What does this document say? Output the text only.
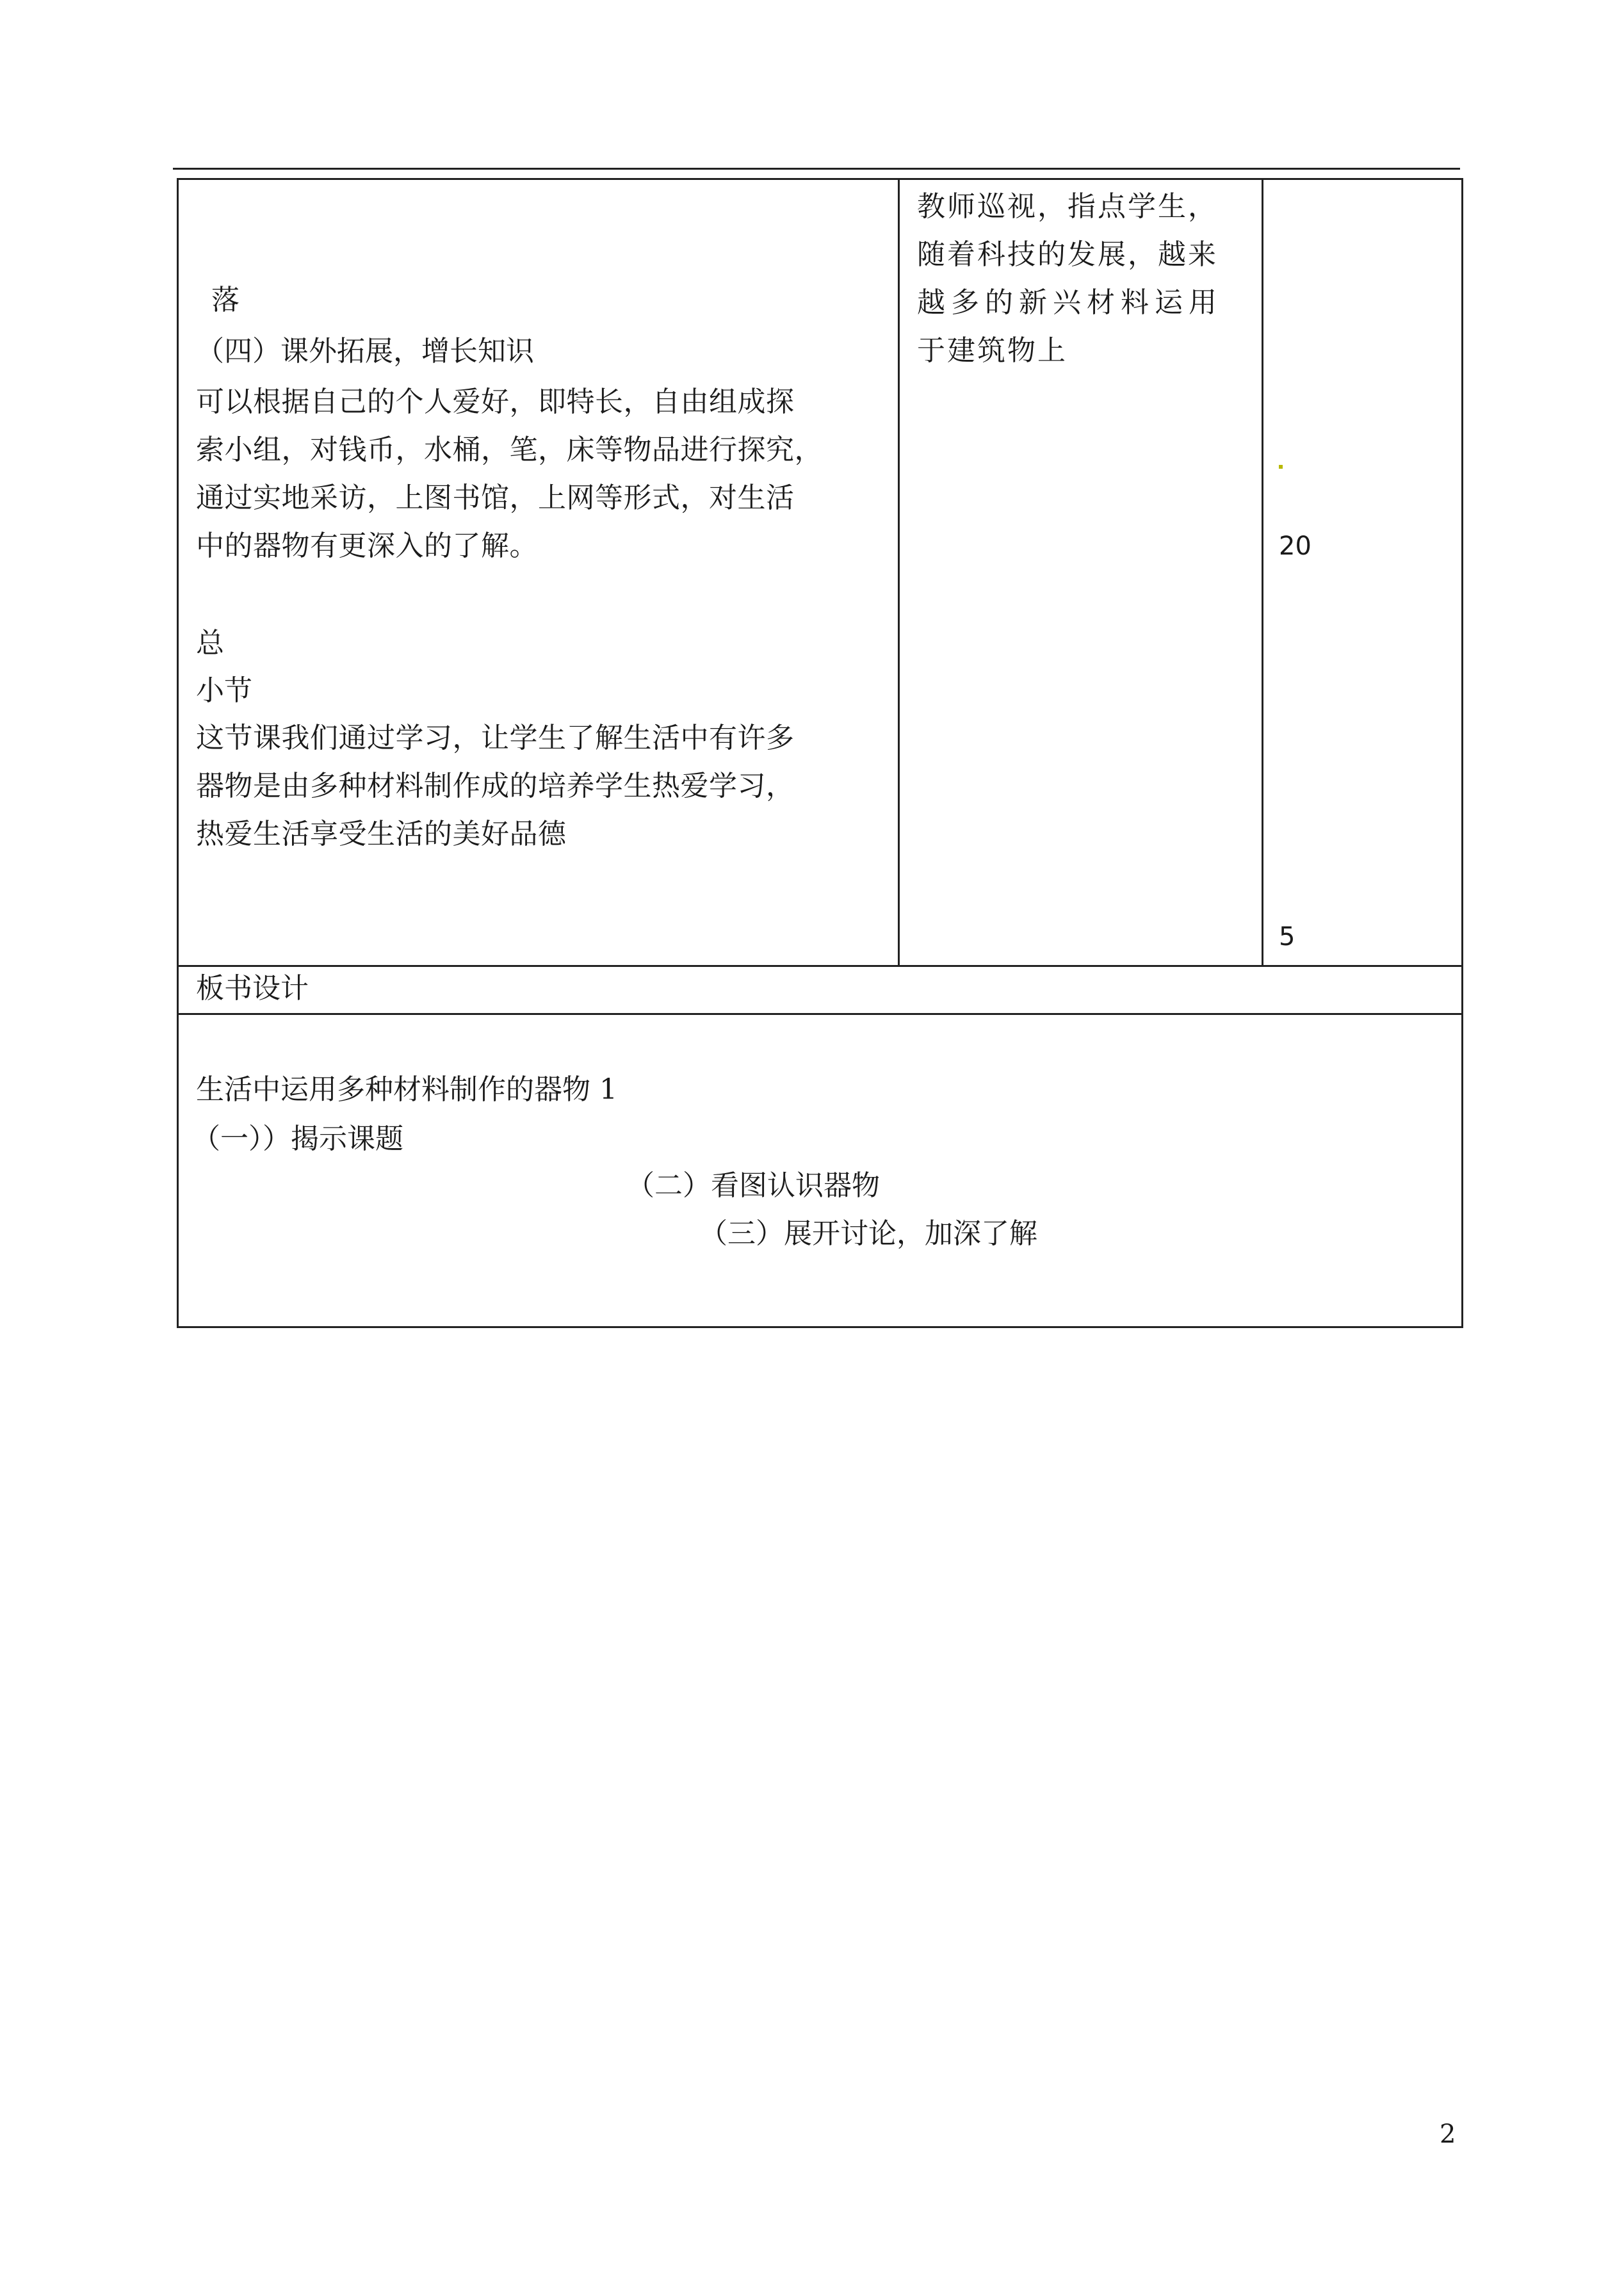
落
（四）课外拓展，增长知识
可以根据自己的个人爱好，即特长，自由组成探
索小组，对钱币，水桶，笔，床等物品进行探究，
通过实地采访，上图书馆，上网等形式，对生活
中的器物有更深入的了解。
总
小节
这节课我们通过学习，让学生了解生活中有许多
器物是由多种材料制作成的培养学生热爱学习，
热爱生活享受生活的美好品德
教师巡视，指点学生，
随着科技的发展，越来
越多的新兴材料运用
于建筑物上
20
5
板书设计
生活中运用多种材料制作的器物 1
（一））揭示课题
（二）看图认识器物
（三）展开讨论，加深了解
2
